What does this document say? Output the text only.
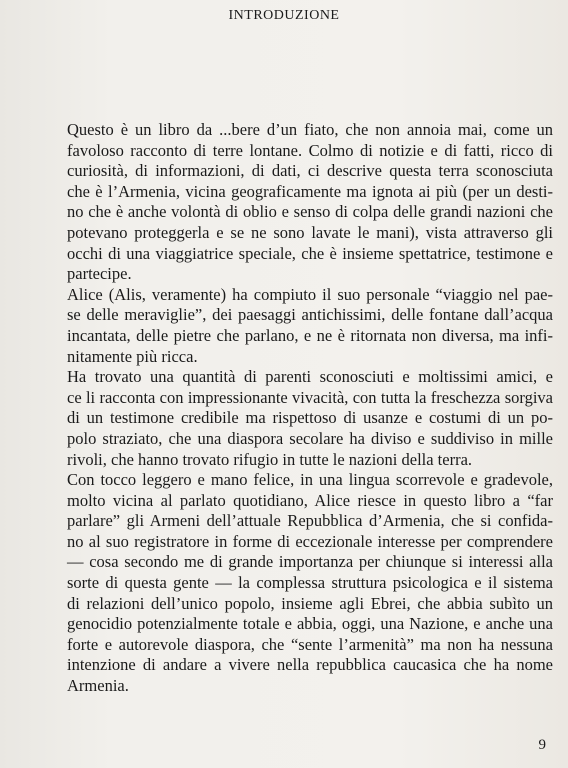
INTRODUZIONE

Questo è un libro da ...bere d’un fiato, che non annoia mai, come un
favoloso racconto di terre lontane. Colmo di notizie e di fatti, ricco di
curiosità, di informazioni, di dati, ci descrive questa terra sconosciuta
che è l’Armenia, vicina geograficamente ma ignota ai più (per un desti-
no che è anche volontà di oblio e senso di colpa delle grandi nazioni che
potevano proteggerla e se ne sono lavate le mani), vista attraverso gli
occhi di una viaggiatrice speciale, che è insieme spettatrice, testimone e
partecipe.

Alice (Alis, veramente) ha compiuto il suo personale “viaggio nel pae-
se delle meraviglie”, dei paesaggi antichissimi, delle fontane dall’acqua
incantata, delle pietre che parlano, e ne è ritornata non diversa, ma infi-
nitamente più ricca.

Ha trovato una quantità di parenti sconosciuti e moltissimi amici, e
ce li racconta con impressionante vivacità, con tutta la freschezza sorgiva
di un testimone credibile ma rispettoso di usanze e costumi di un po-
polo straziato, che una diaspora secolare ha diviso e suddiviso in mille
rivoli, che hanno trovato rifugio in tutte le nazioni della terra.

Con tocco leggero e mano felice, in una lingua scorrevole e gradevole,
molto vicina al parlato quotidiano, Alice riesce in questo libro a “far
parlare” gli Armeni dell’attuale Repubblica d’Armenia, che si confida-
no al suo registratore in forme di eccezionale interesse per comprendere
— cosa secondo me di grande importanza per chiunque si interessi alla
sorte di questa gente — la complessa struttura psicologica e il sistema
di relazioni dell’unico popolo, insieme agli Ebrei, che abbia subìto un
genocidio potenzialmente totale e abbia, oggi, una Nazione, e anche una
forte e autorevole diaspora, che “sente l’armenità” ma non ha nessuna
intenzione di andare a vivere nella repubblica caucasica che ha nome
Armenia.

9
